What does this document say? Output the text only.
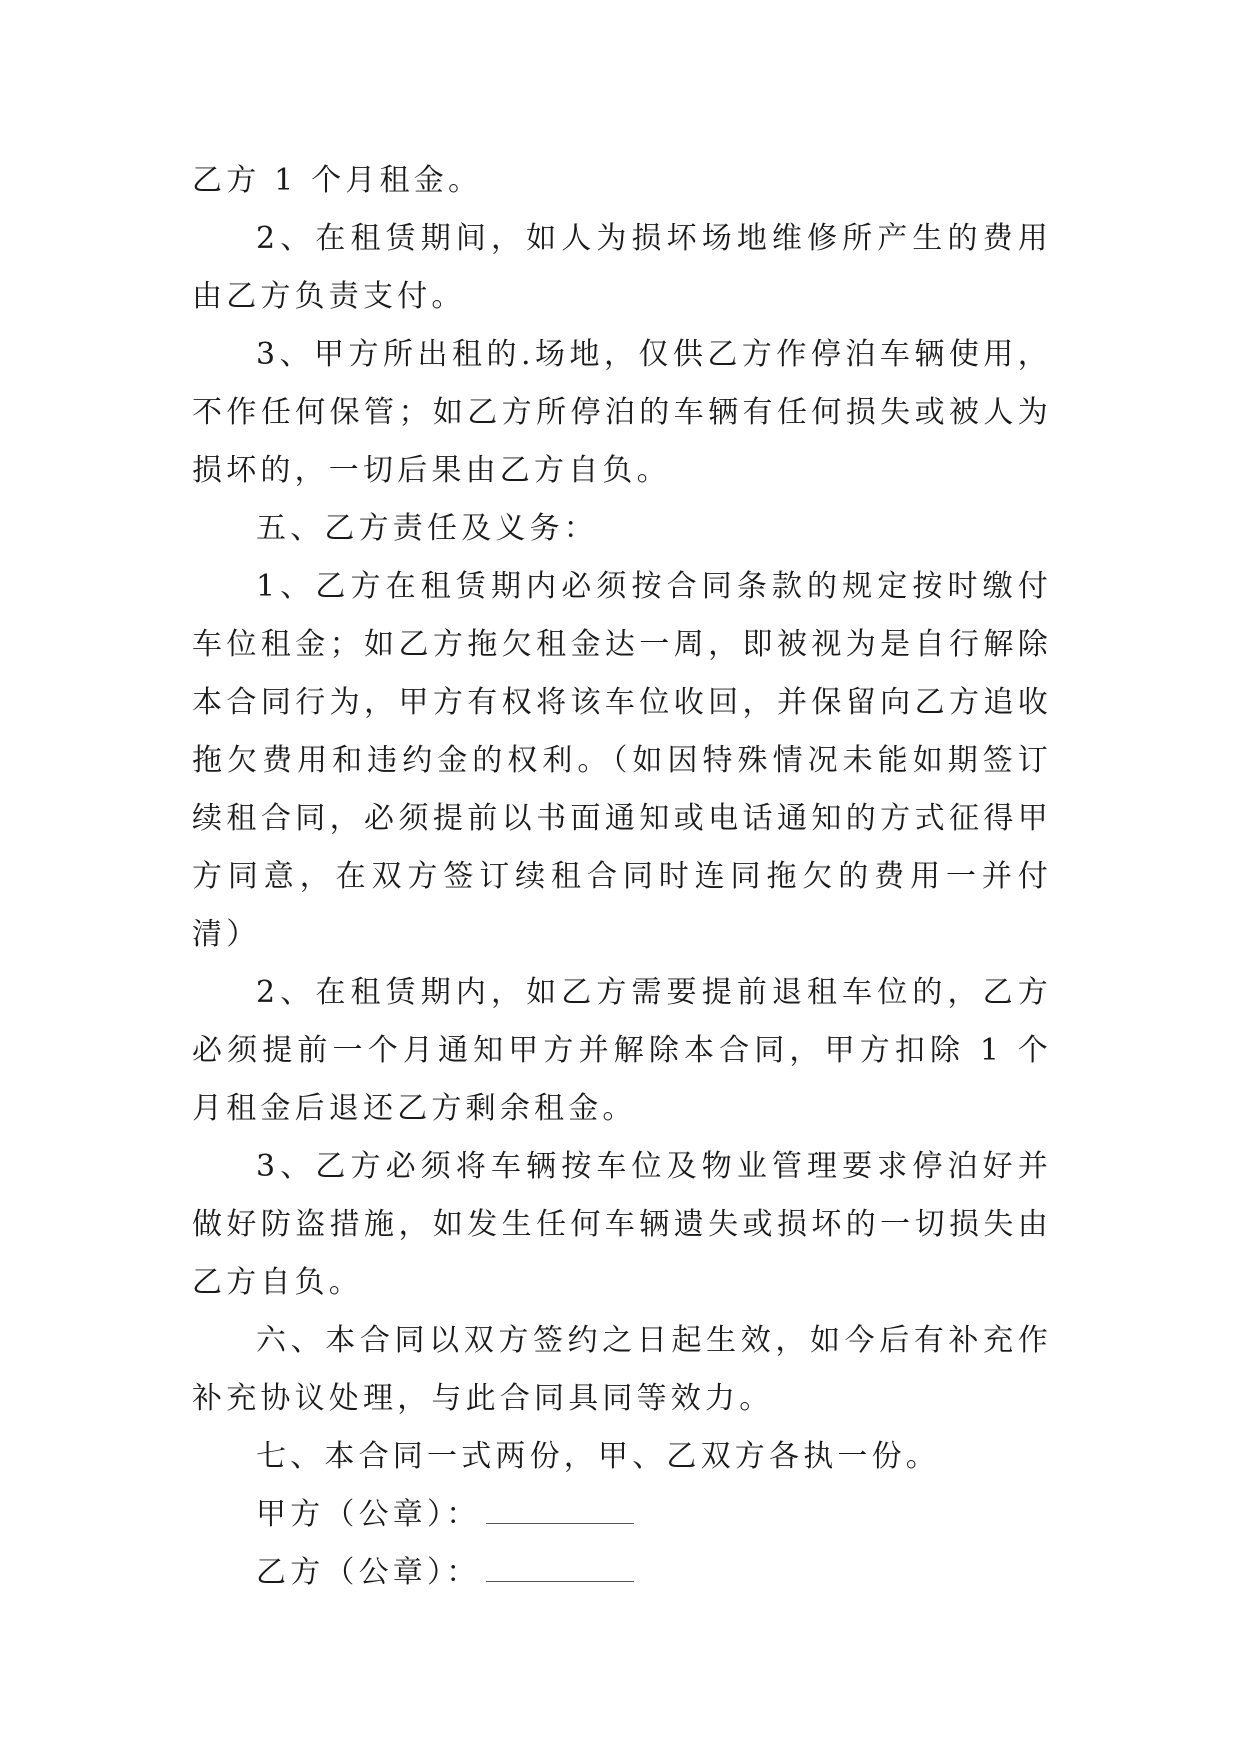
乙方 1 个月租金。

2、在租赁期间，如人为损坏场地维修所产生的费用由乙方负责支付。

3、甲方所出租的.场地，仅供乙方作停泊车辆使用，不作任何保管；如乙方所停泊的车辆有任何损失或被人为损坏的，一切后果由乙方自负。

五、乙方责任及义务：

1、乙方在租赁期内必须按合同条款的规定按时缴付车位租金；如乙方拖欠租金达一周，即被视为是自行解除本合同行为，甲方有权将该车位收回，并保留向乙方追收拖欠费用和违约金的权利。（如因特殊情况未能如期签订续租合同，必须提前以书面通知或电话通知的方式征得甲方同意，在双方签订续租合同时连同拖欠的费用一并付清）

2、在租赁期内，如乙方需要提前退租车位的，乙方必须提前一个月通知甲方并解除本合同，甲方扣除 1 个月租金后退还乙方剩余租金。

3、乙方必须将车辆按车位及物业管理要求停泊好并做好防盗措施，如发生任何车辆遗失或损坏的一切损失由乙方自负。

六、本合同以双方签约之日起生效，如今后有补充作补充协议处理，与此合同具同等效力。

七、本合同一式两份，甲、乙双方各执一份。

甲方（公章）：

乙方（公章）：
